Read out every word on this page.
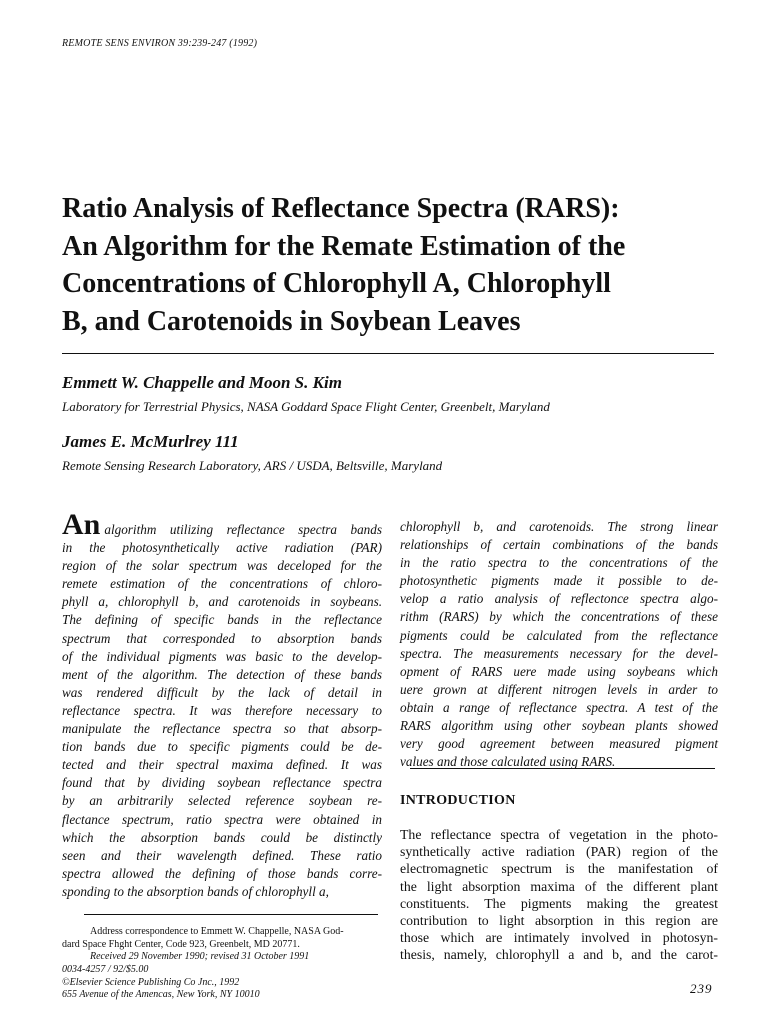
REMOTE SENS ENVIRON 39:239-247 (1992)
Ratio Analysis of Reflectance Spectra (RARS):
An Algorithm for the Remate Estimation of the
Concentrations of Chlorophyll A, Chlorophyll
B, and Carotenoids in Soybean Leaves
Emmett W. Chappelle and Moon S. Kim
Laboratory for Terrestrial Physics, NASA Goddard Space Flight Center, Greenbelt, Maryland
James E. McMurlrey 111
Remote Sensing Research Laboratory, ARS / USDA, Beltsville, Maryland
An algorithm utilizing reflectance spectra bands
in the photosynthetically active radiation (PAR)
region of the solar spectrum was deceloped for the
remete estimation of the concentrations of chloro-
phyll a, chlorophyll b, and carotenoids in soybeans.
The defining of specific bands in the reflectance
spectrum that corresponded to absorption bands
of the individual pigments was basic to the develop-
ment of the algorithm. The detection of these bands
was rendered difficult by the lack of detail in
reflectance spectra. It was therefore necessary to
manipulate the reflectance spectra so that absorp-
tion bands due to specific pigments could be de-
tected and their spectral maxima defined. It was
found that by dividing soybean reflectance spectra
by an arbitrarily selected reference soybean re-
flectance spectrum, ratio spectra were obtained in
which the absorption bands could be distinctly
seen and their wavelength defined. These ratio
spectra allowed the defining of those bands corre-
sponding to the absorption bands of chlorophyll a,
chlorophyll b, and carotenoids. The strong linear
relationships of certain combinations of the bands
in the ratio spectra to the concentrations of the
photosynthetic pigments made it possible to de-
velop a ratio analysis of reflectonce spectra algo-
rithm (RARS) by which the concentrations of these
pigments could be calculated from the reflectance
spectra. The measurements necessary for the devel-
opment of RARS uere made using soybeans which
uere grown at different nitrogen levels in arder to
obtain a range of reflectance spectra. A test of the
RARS algorithm using other soybean plants showed
very good agreement between measured pigment
values and those calculated using RARS.
INTRODUCTION
The reflectance spectra of vegetation in the photo-
synthetically active radiation (PAR) region of the
electromagnetic spectrum is the manifestation of
the light absorption maxima of the different plant
constituents. The pigments making the greatest
contribution to light absorption in this region are
those which are intimately involved in photosyn-
thesis, namely, chlorophyll a and b, and the carot-
Address correspondence to Emmett W. Chappelle, NASA God-
dard Space Fhght Center, Code 923, Greenbelt, MD 20771.
Received 29 November 1990; revised 31 October 1991
0034-4257 / 92/$5.00
©Elsevier Science Publishing Co Jnc., 1992
655 Avenue of the Amencas, New York, NY 10010	239
